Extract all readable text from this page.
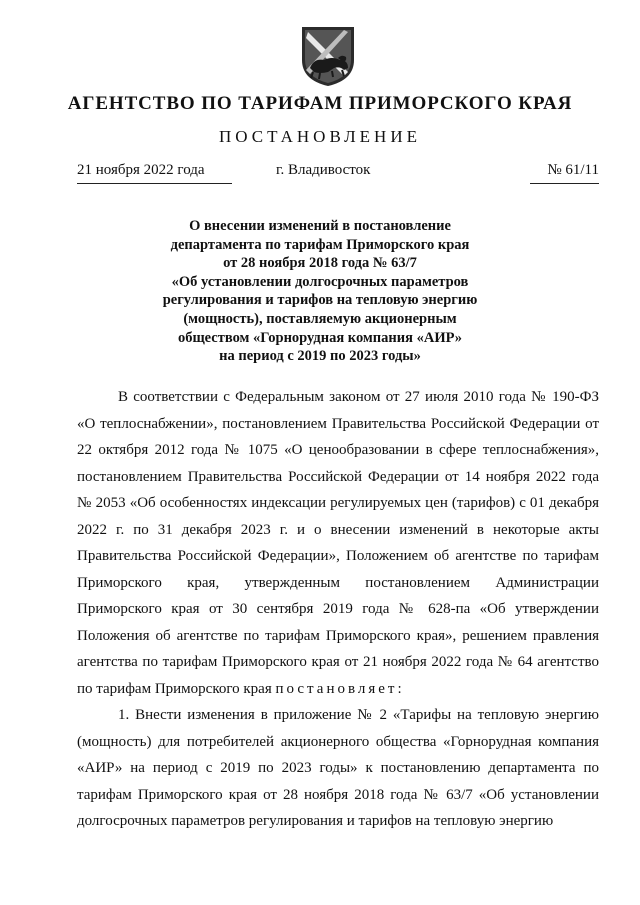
АГЕНТСТВО ПО ТАРИФАМ ПРИМОРСКОГО КРАЯ
ПОСТАНОВЛЕНИЕ
21 ноября 2022 года	г. Владивосток	№ 61/11
О внесении изменений в постановление
департамента по тарифам Приморского края
от 28 ноября 2018 года № 63/7
«Об установлении долгосрочных параметров
регулирования и тарифов на тепловую энергию
(мощность), поставляемую акционерным
обществом «Горнорудная компания «АИР»
на период с 2019 по 2023 годы»

В соответствии с Федеральным законом от 27 июля 2010 года № 190-ФЗ «О теплоснабжении», постановлением Правительства Российской Федерации от 22 октября 2012 года № 1075 «О ценообразовании в сфере теплоснабжения», постановлением Правительства Российской Федерации от 14 ноября 2022 года № 2053 «Об особенностях индексации регулируемых цен (тарифов) с 01 декабря 2022 г. по 31 декабря 2023 г. и о внесении изменений в некоторые акты Правительства Российской Федерации», Положением об агентстве по тарифам Приморского края, утвержденным постановлением Администрации Приморского края от 30 сентября 2019 года № 628-па «Об утверждении Положения об агентстве по тарифам Приморского края», решением правления агентства по тарифам Приморского края от 21 ноября 2022 года № 64 агентство по тарифам Приморского края постановляет:

1. Внести изменения в приложение № 2 «Тарифы на тепловую энергию (мощность) для потребителей акционерного общества «Горнорудная компания «АИР» на период с 2019 по 2023 годы» к постановлению департамента по тарифам Приморского края от 28 ноября 2018 года № 63/7 «Об установлении долгосрочных параметров регулирования и тарифов на тепловую энергию
